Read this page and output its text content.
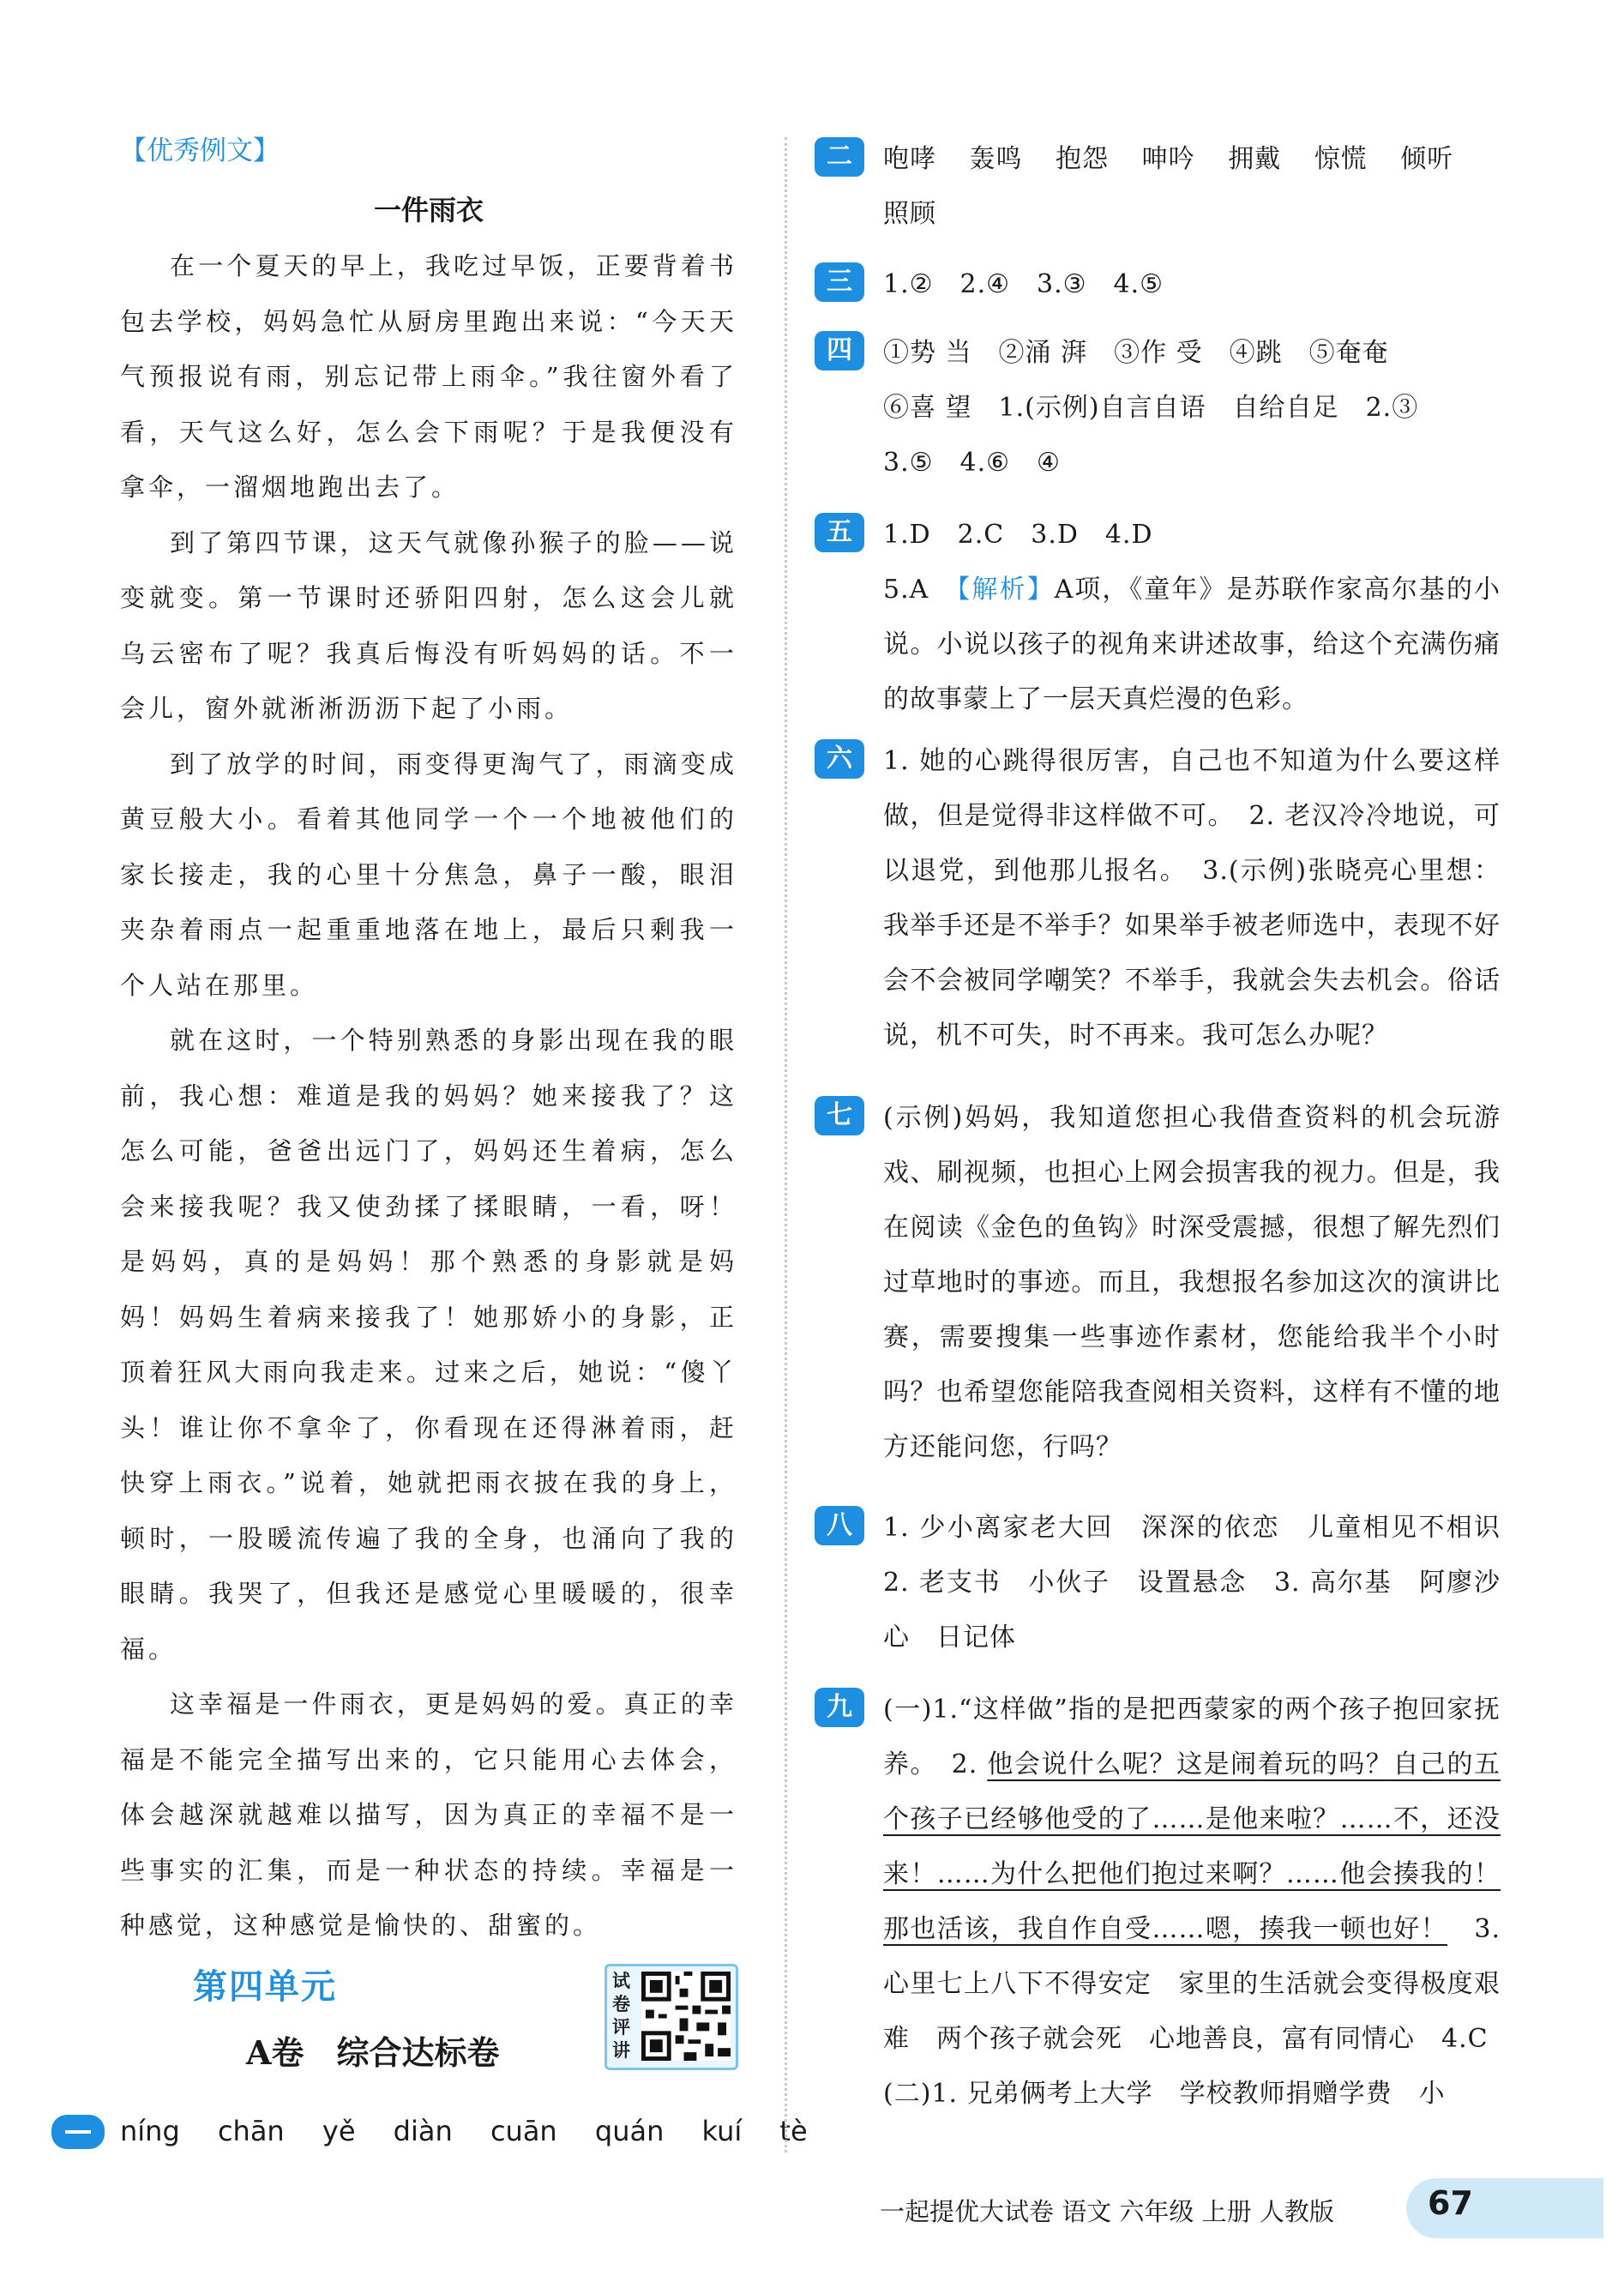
【优秀例文】
一件雨衣

在一个夏天的早上，我吃过早饭，正要背着书包去学校，妈妈急忙从厨房里跑出来说：“今天天气预报说有雨，别忘记带上雨伞。”我往窗外看了看，天气这么好，怎么会下雨呢？于是我便没有拿伞，一溜烟地跑出去了。

到了第四节课，这天气就像孙猴子的脸——说变就变。第一节课时还骄阳四射，怎么这会儿就乌云密布了呢？我真后悔没有听妈妈的话。不一会儿，窗外就淅淅沥沥下起了小雨。

到了放学的时间，雨变得更淘气了，雨滴变成黄豆般大小。看着其他同学一个一个地被他们的家长接走，我的心里十分焦急，鼻子一酸，眼泪夹杂着雨点一起重重地落在地上，最后只剩我一个人站在那里。

就在这时，一个特别熟悉的身影出现在我的眼前，我心想：难道是我的妈妈？她来接我了？这怎么可能，爸爸出远门了，妈妈还生着病，怎么会来接我呢？我又使劲揉了揉眼睛，一看，呀！是妈妈，真的是妈妈！那个熟悉的身影就是妈妈！妈妈生着病来接我了！她那娇小的身影，正顶着狂风大雨向我走来。过来之后，她说：“傻丫头！谁让你不拿伞了，你看现在还得淋着雨，赶快穿上雨衣。”说着，她就把雨衣披在我的身上，顿时，一股暖流传遍了我的全身，也涌向了我的眼睛。我哭了，但我还是感觉心里暖暖的，很幸福。

这幸福是一件雨衣，更是妈妈的爱。真正的幸福是不能完全描写出来的，它只能用心去体会，体会越深就越难以描写，因为真正的幸福不是一些事实的汇集，而是一种状态的持续。幸福是一种感觉，这种感觉是愉快的、甜蜜的。

第四单元
A卷　综合达标卷
试卷评讲
níng chān yě diàn cuān quán kuí tè
二	咆哮 轰鸣 抱怨 呻吟 拥戴 惊慌 倾听
照顾
三	1.②　2.④　3.③　4.⑤
四	①势 当　②涌 湃　③作 受　④跳　⑤奄奄
⑥喜 望　1.(示例)自言自语　自给自足　2.③
3.⑤　4.⑥　④
五	1.D　2.C　3.D　4.D

5.A　【解析】A项，《童年》是苏联作家高尔基的小说。小说以孩子的视角来讲述故事，给这个充满伤痛的故事蒙上了一层天真烂漫的色彩。

六	1. 她的心跳得很厉害，自己也不知道为什么要这样做，但是觉得非这样做不可。　2. 老汉冷冷地说，可以退党，到他那儿报名。　3.(示例)张晓亮心里想：我举手还是不举手？如果举手被老师选中，表现不好会不会被同学嘲笑？不举手，我就会失去机会。俗话说，机不可失，时不再来。我可怎么办呢？

七	(示例)妈妈，我知道您担心我借查资料的机会玩游戏、刷视频，也担心上网会损害我的视力。但是，我在阅读《金色的鱼钩》时深受震撼，很想了解先烈们过草地时的事迹。而且，我想报名参加这次的演讲比赛，需要搜集一些事迹作素材，您能给我半个小时吗？也希望您能陪我查阅相关资料，这样有不懂的地方还能问您，行吗？

八	1. 少小离家老大回　深深的依恋　儿童相见不相识　2. 老支书　小伙子　设置悬念　3. 高尔基　阿廖沙　心　日记体

九	(一)1.“这样做”指的是把西蒙家的两个孩子抱回家抚养。　2. 他会说什么呢？这是闹着玩的吗？自己的五个孩子已经够他受的了……是他来啦？……不，还没来！……为什么把他们抱过来啊？……他会揍我的！那也活该，我自作自受……嗯，揍我一顿也好！　3. 心里七上八下不得安定　家里的生活就会变得极度艰难　两个孩子就会死　心地善良，富有同情心　4.C

(二)1. 兄弟俩考上大学　学校教师捐赠学费　小
一起提优大试卷 语文 六年级 上册 人教版	67
